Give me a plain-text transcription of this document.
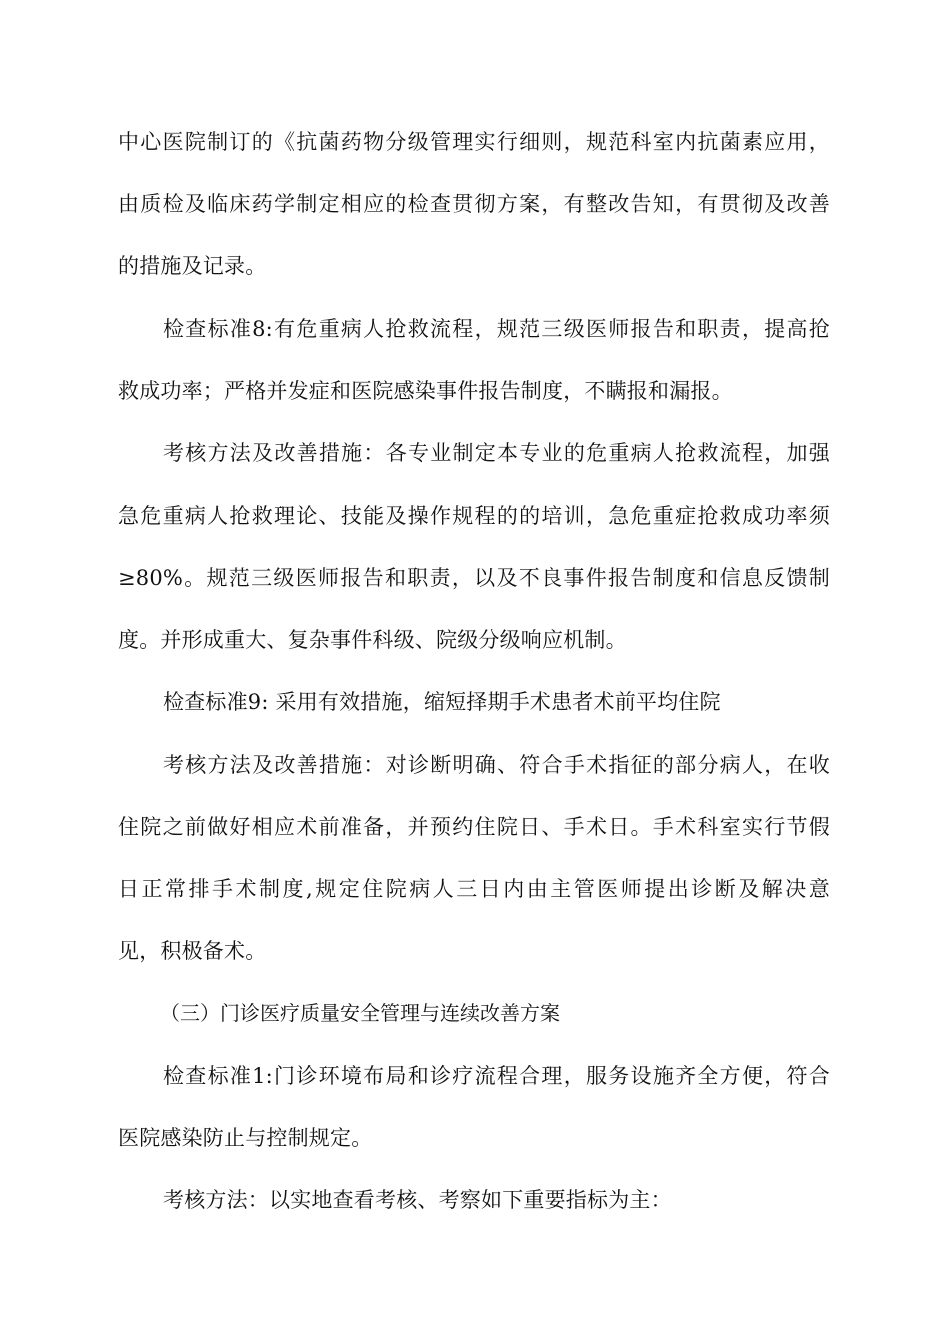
中心医院制订的《抗菌药物分级管理实行细则，规范科室内抗菌素应用，
由质检及临床药学制定相应的检查贯彻方案，有整改告知，有贯彻及改善
的措施及记录。
检查标准8:有危重病人抢救流程，规范三级医师报告和职责，提高抢
救成功率；严格并发症和医院感染事件报告制度，不瞒报和漏报。
考核方法及改善措施：各专业制定本专业的危重病人抢救流程，加强
急危重病人抢救理论、技能及操作规程的的培训，急危重症抢救成功率须
≥80%。规范三级医师报告和职责，以及不良事件报告制度和信息反馈制
度。并形成重大、复杂事件科级、院级分级响应机制。
检查标准9: 采用有效措施，缩短择期手术患者术前平均住院
考核方法及改善措施：对诊断明确、符合手术指征的部分病人，在收
住院之前做好相应术前准备，并预约住院日、手术日。手术科室实行节假
日正常排手术制度,规定住院病人三日内由主管医师提出诊断及解决意
见，积极备术。
（三）门诊医疗质量安全管理与连续改善方案
检查标准1:门诊环境布局和诊疗流程合理，服务设施齐全方便，符合
医院感染防止与控制规定。
考核方法：以实地查看考核、考察如下重要指标为主：
